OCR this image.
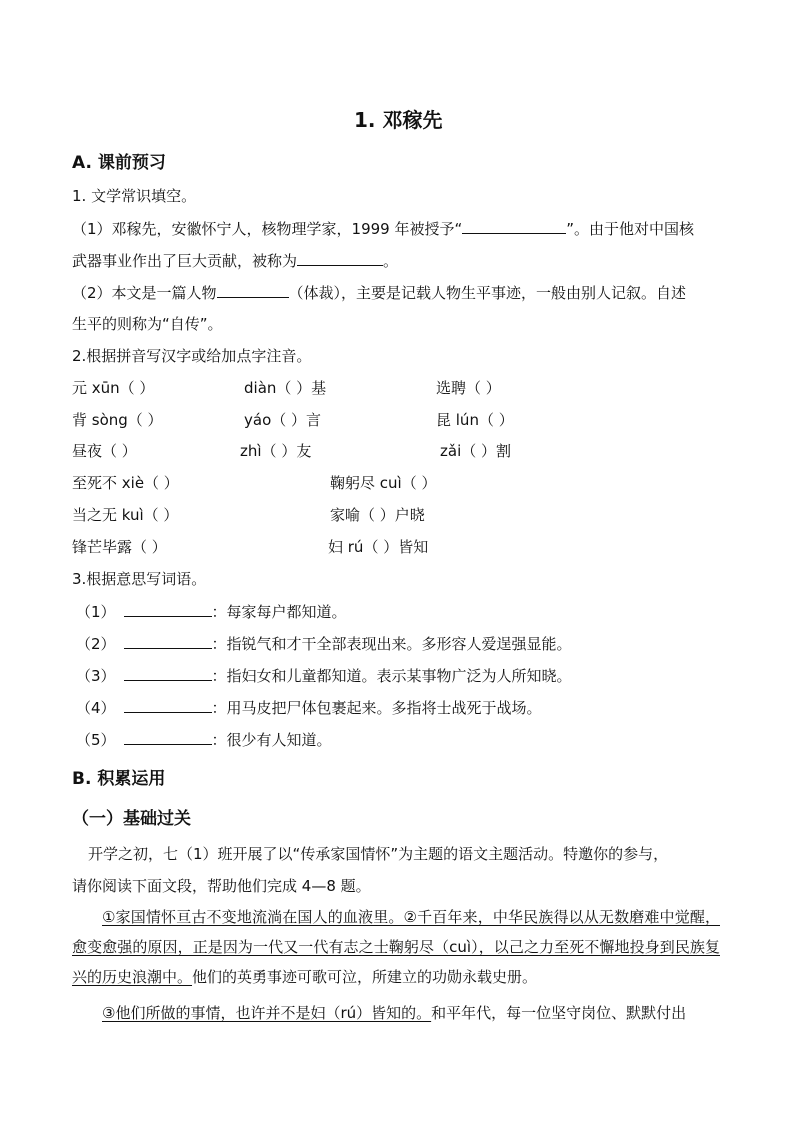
1. 邓稼先
A. 课前预习
1. 文学常识填空。
（1）邓稼先，安徽怀宁人，核物理学家，1999 年被授予“	”。由于他对中国核
武器事业作出了巨大贡献，被称为	。
（2）本文是一篇人物	（体裁），主要是记载人物生平事迹，一般由别人记叙。自述
生平的则称为“自传”。
2.根据拼音写汉字或给加点字注音。
元 xūn（ ）	diàn（ ）基	选聘（ ）
背 sòng（ ）	yáo（ ）言	昆 lún（ ）
昼夜（ ）	zhì（ ）友	zǎi（ ）割
至死不 xiè（ ）	鞠躬尽 cuì（ ）
当之无 kuì（ ）	家喻（ ）户晓
锋芒毕露（ ）	妇 rú（ ）皆知
3.根据意思写词语。
（1）	：每家每户都知道。
（2）	：指锐气和才干全部表现出来。多形容人爱逞强显能。
（3）	：指妇女和儿童都知道。表示某事物广泛为人所知晓。
（4）	：用马皮把尸体包裹起来。多指将士战死于战场。
（5）	：很少有人知道。
B. 积累运用
（一）基础过关
开学之初，七（1）班开展了以“传承家国情怀”为主题的语文主题活动。特邀你的参与，
请你阅读下面文段，帮助他们完成 4—8 题。
①家国情怀亘古不变地流淌在国人的血液里。②千百年来，中华民族得以从无数磨难中觉醒，愈变愈强的原因，正是因为一代又一代有志之士鞠躬尽（cuì），以己之力至死不懈地投身到民族复兴的历史浪潮中。他们的英勇事迹可歌可泣，所建立的功勋永载史册。
③他们所做的事情，也许并不是妇（rú）皆知的。和平年代，每一位坚守岗位、默默付出
